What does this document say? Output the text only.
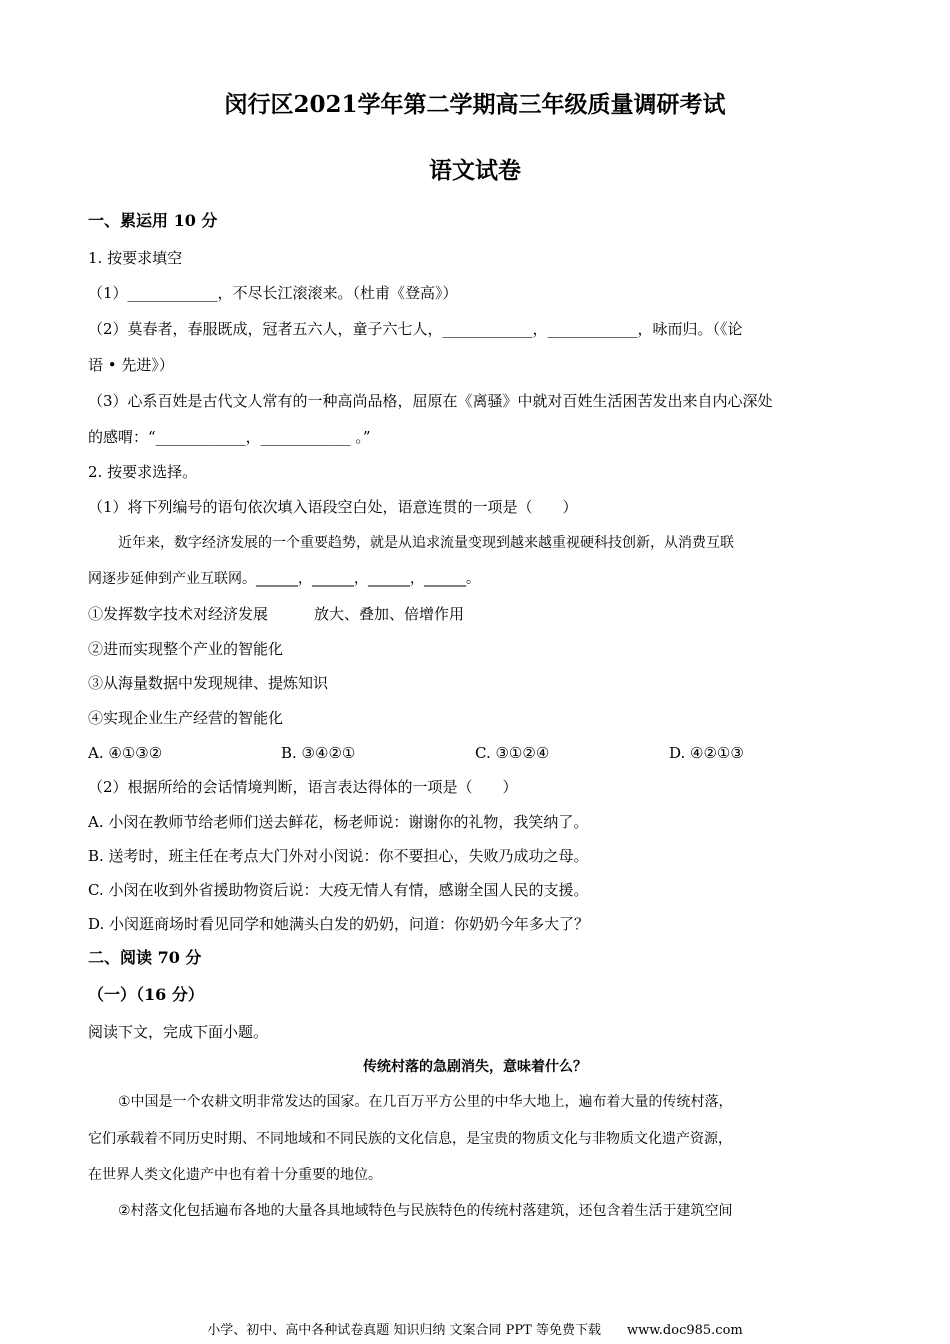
闵行区2021学年第二学期高三年级质量调研考试
语文试卷
一、累运用 10 分
1. 按要求填空
（1）____________，不尽长江滚滚来。（杜甫《登高》）
（2）莫春者，春服既成，冠者五六人，童子六七人，____________，____________，咏而归。（《论
语 • 先进》）
（3）心系百姓是古代文人常有的一种高尚品格，屈原在《离骚》中就对百姓生活困苦发出来自内心深处
的感喟：“____________，____________ 。”
2. 按要求选择。
（1）将下列编号的语句依次填入语段空白处，语意连贯的一项是（　　）
近年来，数字经济发展的一个重要趋势，就是从追求流量变现到越来越重视硬科技创新，从消费互联
网逐步延伸到产业互联网。______，______，______，______。
①发挥数字技术对经济发展	放大、叠加、倍增作用
②进而实现整个产业的智能化
③从海量数据中发现规律、提炼知识
④实现企业生产经营的智能化
A. ④①③②	B. ③④②①	C. ③①②④	D. ④②①③
（2）根据所给的会话情境判断，语言表达得体的一项是（　　）
A. 小闵在教师节给老师们送去鲜花，杨老师说：谢谢你的礼物，我笑纳了。
B. 送考时，班主任在考点大门外对小闵说：你不要担心，失败乃成功之母。
C. 小闵在收到外省援助物资后说：大疫无情人有情，感谢全国人民的支援。
D. 小闵逛商场时看见同学和她满头白发的奶奶，问道：你奶奶今年多大了？
二、阅读 70 分
（一）（16 分）
阅读下文，完成下面小题。
传统村落的急剧消失，意味着什么？
①中国是一个农耕文明非常发达的国家。在几百万平方公里的中华大地上，遍布着大量的传统村落，
它们承载着不同历史时期、不同地域和不同民族的文化信息，是宝贵的物质文化与非物质文化遗产资源，
在世界人类文化遗产中也有着十分重要的地位。
②村落文化包括遍布各地的大量各具地域特色与民族特色的传统村落建筑，还包含着生活于建筑空间
小学、初中、高中各种试卷真题 知识归纳 文案合同 PPT 等免费下载　　www.doc985.com
